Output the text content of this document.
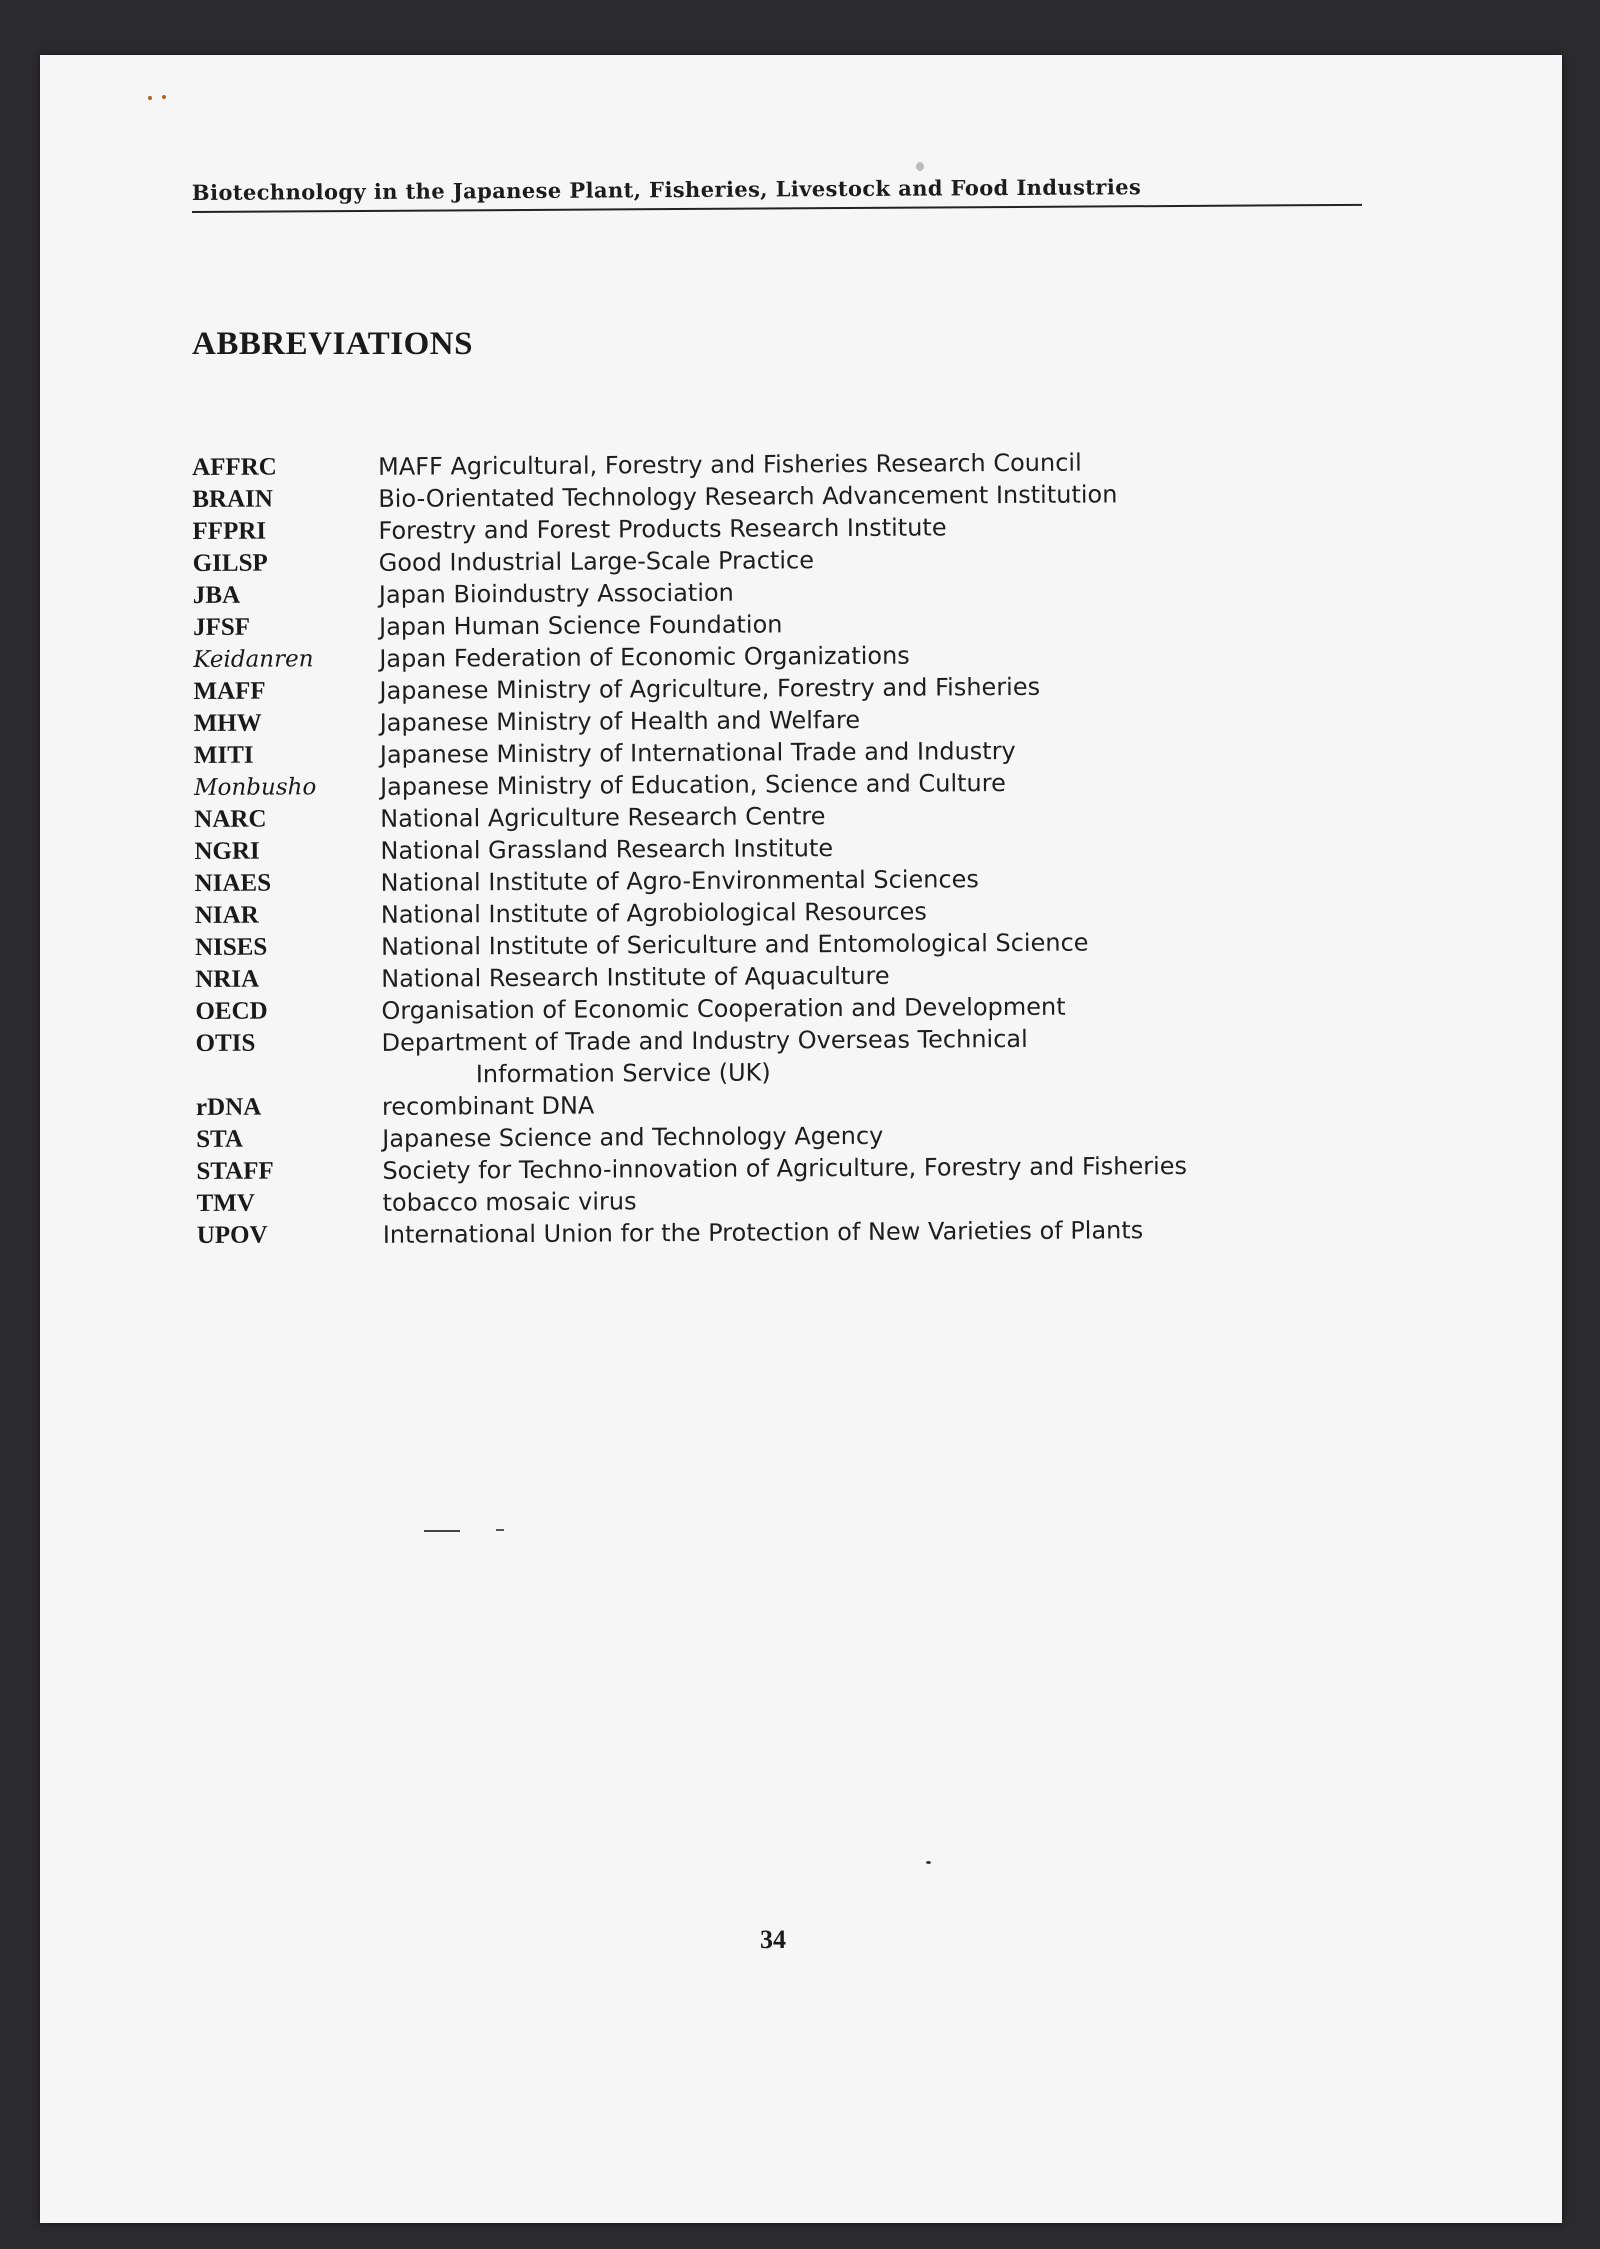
Biotechnology in the Japanese Plant, Fisheries, Livestock and Food Industries
ABBREVIATIONS
AFFRC	MAFF Agricultural, Forestry and Fisheries Research Council
BRAIN	Bio-Orientated Technology Research Advancement Institution
FFPRI	Forestry and Forest Products Research Institute
GILSP	Good Industrial Large-Scale Practice
JBA	Japan Bioindustry Association
JFSF	Japan Human Science Foundation
Keidanren	Japan Federation of Economic Organizations
MAFF	Japanese Ministry of Agriculture, Forestry and Fisheries
MHW	Japanese Ministry of Health and Welfare
MITI	Japanese Ministry of International Trade and Industry
Monbusho	Japanese Ministry of Education, Science and Culture
NARC	National Agriculture Research Centre
NGRI	National Grassland Research Institute
NIAES	National Institute of Agro-Environmental Sciences
NIAR	National Institute of Agrobiological Resources
NISES	National Institute of Sericulture and Entomological Science
NRIA	National Research Institute of Aquaculture
OECD	Organisation of Economic Cooperation and Development
OTIS	Department of Trade and Industry Overseas Technical
Information Service (UK)
rDNA	recombinant DNA
STA	Japanese Science and Technology Agency
STAFF	Society for Techno-innovation of Agriculture, Forestry and Fisheries
TMV	tobacco mosaic virus
UPOV	International Union for the Protection of New Varieties of Plants
34
